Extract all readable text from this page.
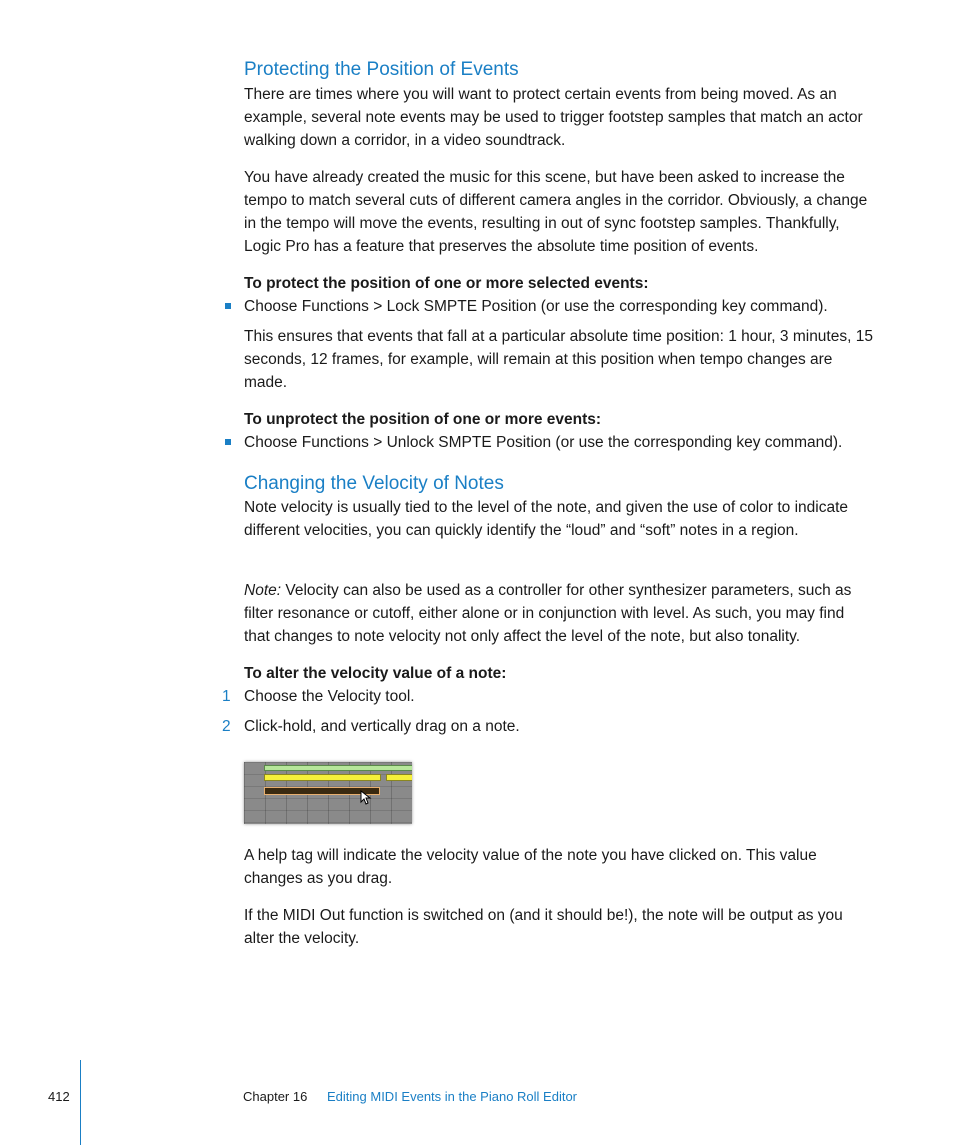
Protecting the Position of Events

There are times where you will want to protect certain events from being moved. As an example, several note events may be used to trigger footstep samples that match an actor walking down a corridor, in a video soundtrack.

You have already created the music for this scene, but have been asked to increase the tempo to match several cuts of different camera angles in the corridor. Obviously, a change in the tempo will move the events, resulting in out of sync footstep samples. Thankfully, Logic Pro has a feature that preserves the absolute time position of events.

To protect the position of one or more selected events:

Choose Functions > Lock SMPTE Position (or use the corresponding key command).

This ensures that events that fall at a particular absolute time position: 1 hour, 3 minutes, 15 seconds, 12 frames, for example, will remain at this position when tempo changes are made.

To unprotect the position of one or more events:

Choose Functions > Unlock SMPTE Position (or use the corresponding key command).
Changing the Velocity of Notes

Note velocity is usually tied to the level of the note, and given the use of color to indicate different velocities, you can quickly identify the “loud” and “soft” notes in a region.

Note: Velocity can also be used as a controller for other synthesizer parameters, such as filter resonance or cutoff, either alone or in conjunction with level. As such, you may find that changes to note velocity not only affect the level of the note, but also tonality.

To alter the velocity value of a note:

1 Choose the Velocity tool.
2 Click-hold, and vertically drag on a note.

A help tag will indicate the velocity value of the note you have clicked on. This value changes as you drag.

If the MIDI Out function is switched on (and it should be!), the note will be output as you alter the velocity.

412	Chapter 16 Editing MIDI Events in the Piano Roll Editor
